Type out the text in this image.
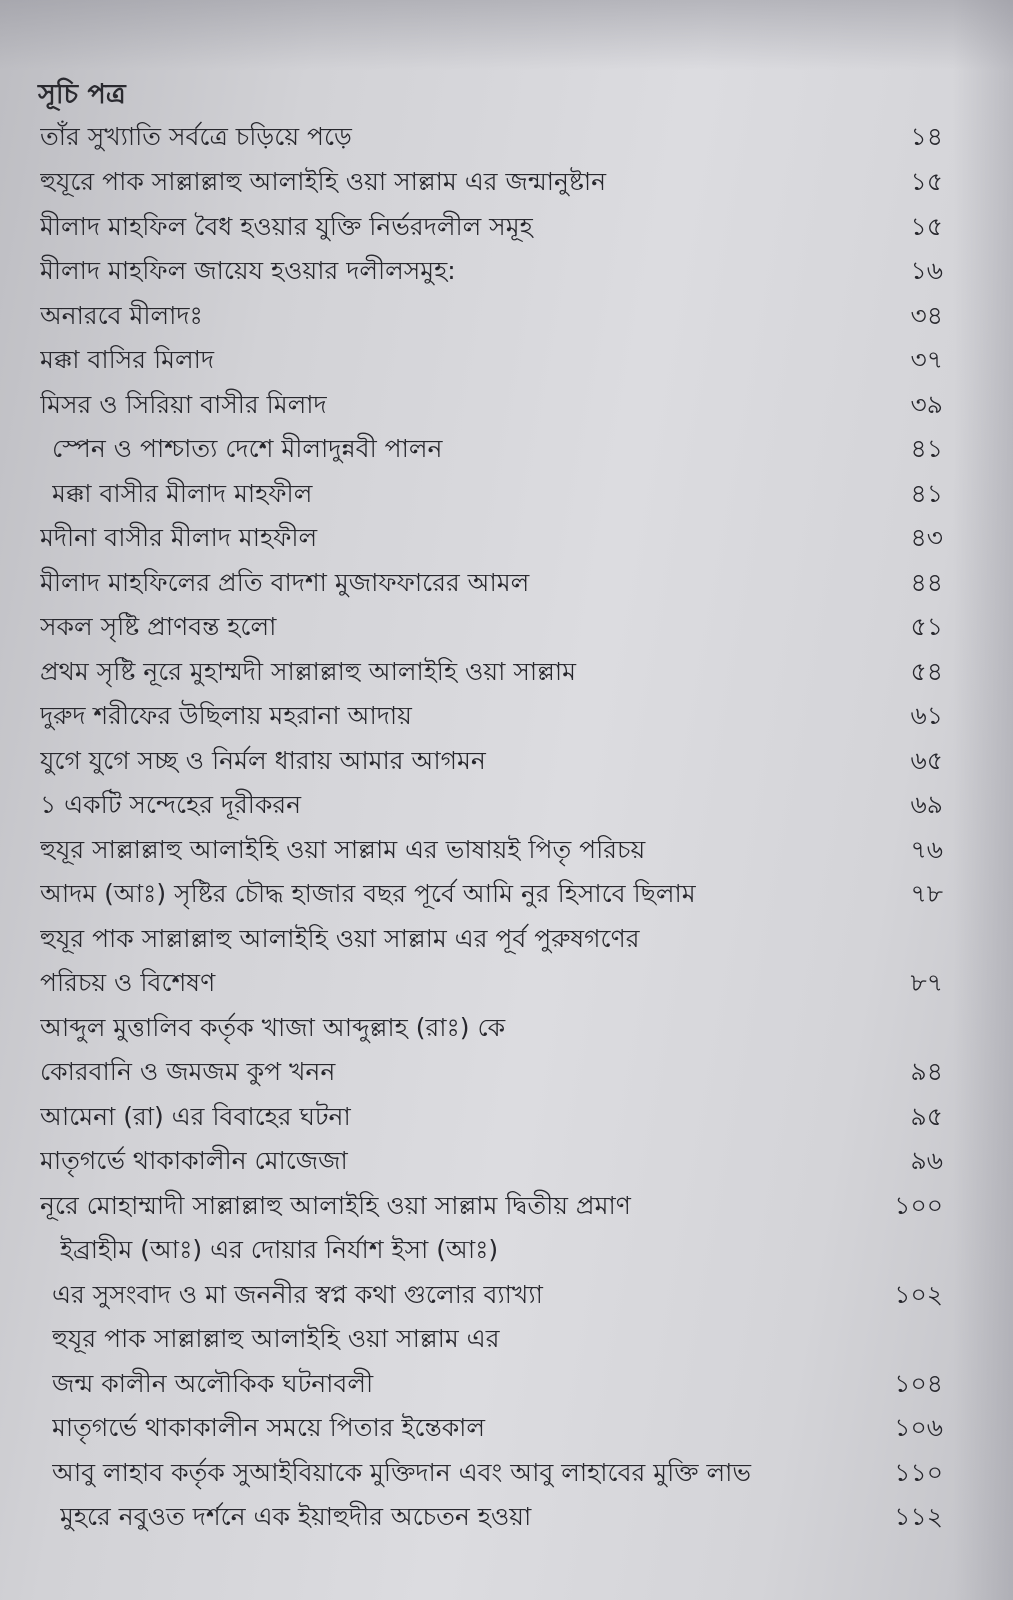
সূচি পত্র
তাঁর সুখ্যাতি সর্বত্রে চড়িয়ে পড়ে	১৪
হুযূরে পাক সাল্লাল্লাহু আলাইহি ওয়া সাল্লাম এর জন্মানুষ্টান	১৫
মীলাদ মাহফিল বৈধ হওয়ার যুক্তি নির্ভরদলীল সমূহ	১৫
মীলাদ মাহফিল জায়েয হওয়ার দলীলসমুহ:	১৬
অনারবে মীলাদঃ	৩৪
মক্কা বাসির মিলাদ	৩৭
মিসর ও সিরিয়া বাসীর মিলাদ	৩৯
স্পেন ও পাশ্চাত্য দেশে মীলাদুন্নবী পালন	৪১
মক্কা বাসীর মীলাদ মাহফীল	৪১
মদীনা বাসীর মীলাদ মাহফীল	৪৩
মীলাদ মাহফিলের প্রতি বাদশা মুজাফফারের আমল	৪৪
সকল সৃষ্টি প্রাণবন্ত হলো	৫১
প্রথম সৃষ্টি নূরে মুহাম্মদী সাল্লাল্লাহু আলাইহি ওয়া সাল্লাম	৫৪
দুরুদ শরীফের উছিলায় মহরানা আদায়	৬১
যুগে যুগে সচ্ছ ও নির্মল ধারায় আমার আগমন	৬৫
১ একটি সন্দেহের দূরীকরন	৬৯
হুযূর সাল্লাল্লাহু আলাইহি ওয়া সাল্লাম এর ভাষায়ই পিতৃ পরিচয়	৭৬
আদম (আঃ) সৃষ্টির চৌদ্ধ হাজার বছর পূর্বে আমি নুর হিসাবে ছিলাম	৭৮
হুযূর পাক সাল্লাল্লাহু আলাইহি ওয়া সাল্লাম এর পূর্ব পুরুষগণের
পরিচয় ও বিশেষণ	৮৭
আব্দুল মুত্তালিব কর্তৃক খাজা আব্দুল্লাহ (রাঃ) কে
কোরবানি ও জমজম কুপ খনন	৯৪
আমেনা (রা) এর বিবাহের ঘটনা	৯৫
মাতৃগর্ভে থাকাকালীন মোজেজা	৯৬
নূরে মোহাম্মাদী সাল্লাল্লাহু আলাইহি ওয়া সাল্লাম দ্বিতীয় প্রমাণ	১০০
ইব্রাহীম (আঃ) এর দোয়ার নির্যাশ ইসা (আঃ)
এর সুসংবাদ ও মা জননীর স্বপ্ন কথা গুলোর ব্যাখ্যা	১০২
হুযূর পাক সাল্লাল্লাহু আলাইহি ওয়া সাল্লাম এর
জন্ম কালীন অলৌকিক ঘটনাবলী	১০৪
মাতৃগর্ভে থাকাকালীন সময়ে পিতার ইন্তেকাল	১০৬
আবু লাহাব কর্তৃক সুআইবিয়াকে মুক্তিদান এবং আবু লাহাবের মুক্তি লাভ	১১০
মুহরে নবুওত দর্শনে এক ইয়াহুদীর অচেতন হওয়া	১১২
